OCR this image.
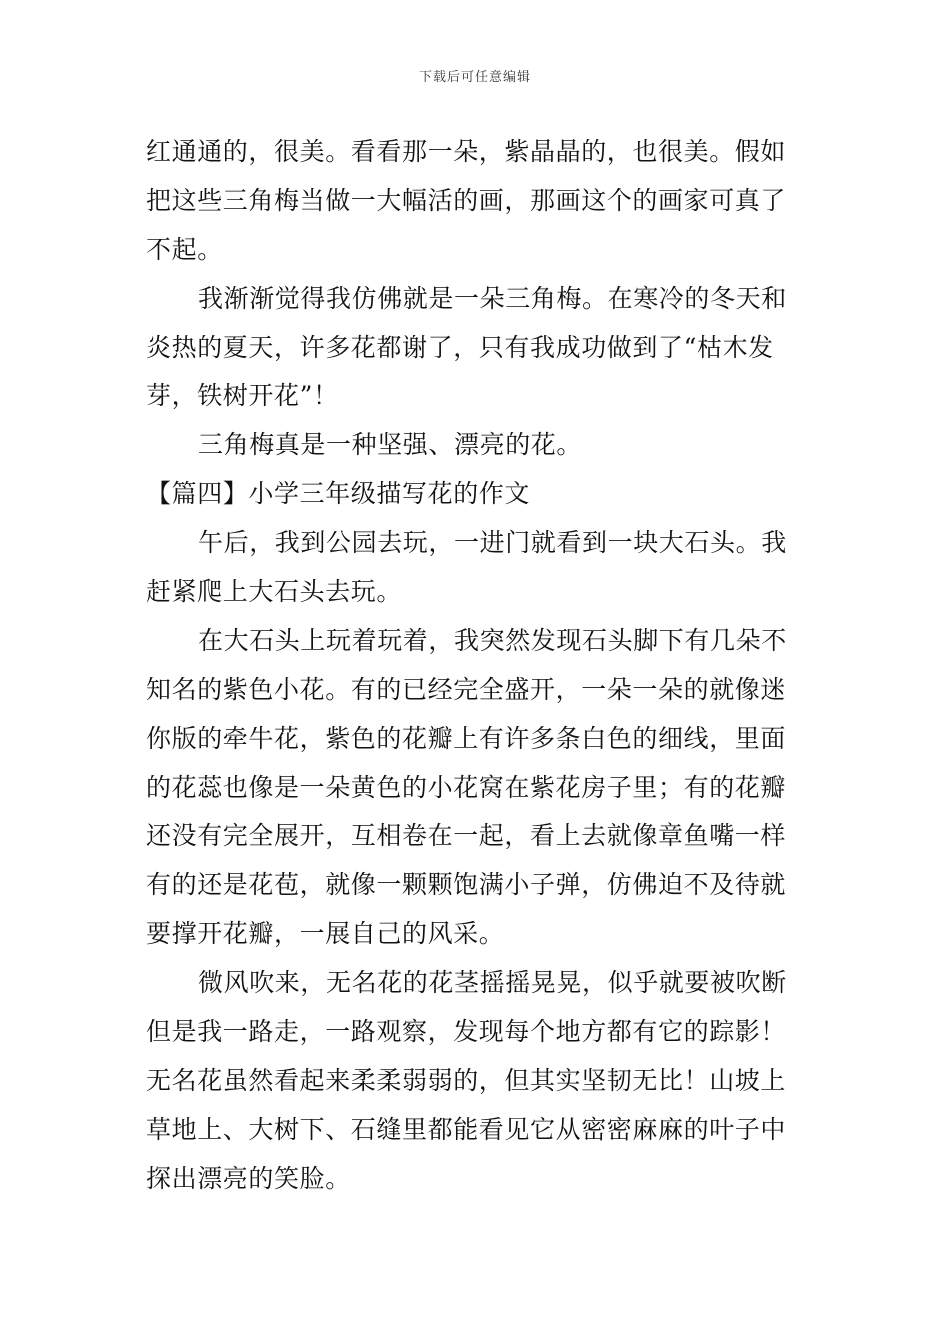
下载后可任意编辑
红通通的，很美。看看那一朵，紫晶晶的，也很美。假如
把这些三角梅当做一大幅活的画，那画这个的画家可真了
不起。
我渐渐觉得我仿佛就是一朵三角梅。在寒冷的冬天和
炎热的夏天，许多花都谢了，只有我成功做到了“枯木发
芽，铁树开花”！
三角梅真是一种坚强、漂亮的花。
【篇四】小学三年级描写花的作文
午后，我到公园去玩，一进门就看到一块大石头。我
赶紧爬上大石头去玩。
在大石头上玩着玩着，我突然发现石头脚下有几朵不
知名的紫色小花。有的已经完全盛开，一朵一朵的就像迷
你版的牵牛花，紫色的花瓣上有许多条白色的细线，里面
的花蕊也像是一朵黄色的小花窝在紫花房子里；有的花瓣
还没有完全展开，互相卷在一起，看上去就像章鱼嘴一样
有的还是花苞，就像一颗颗饱满小子弹，仿佛迫不及待就
要撑开花瓣，一展自己的风采。
微风吹来，无名花的花茎摇摇晃晃，似乎就要被吹断
但是我一路走，一路观察，发现每个地方都有它的踪影！
无名花虽然看起来柔柔弱弱的，但其实坚韧无比！山坡上
草地上、大树下、石缝里都能看见它从密密麻麻的叶子中
探出漂亮的笑脸。
